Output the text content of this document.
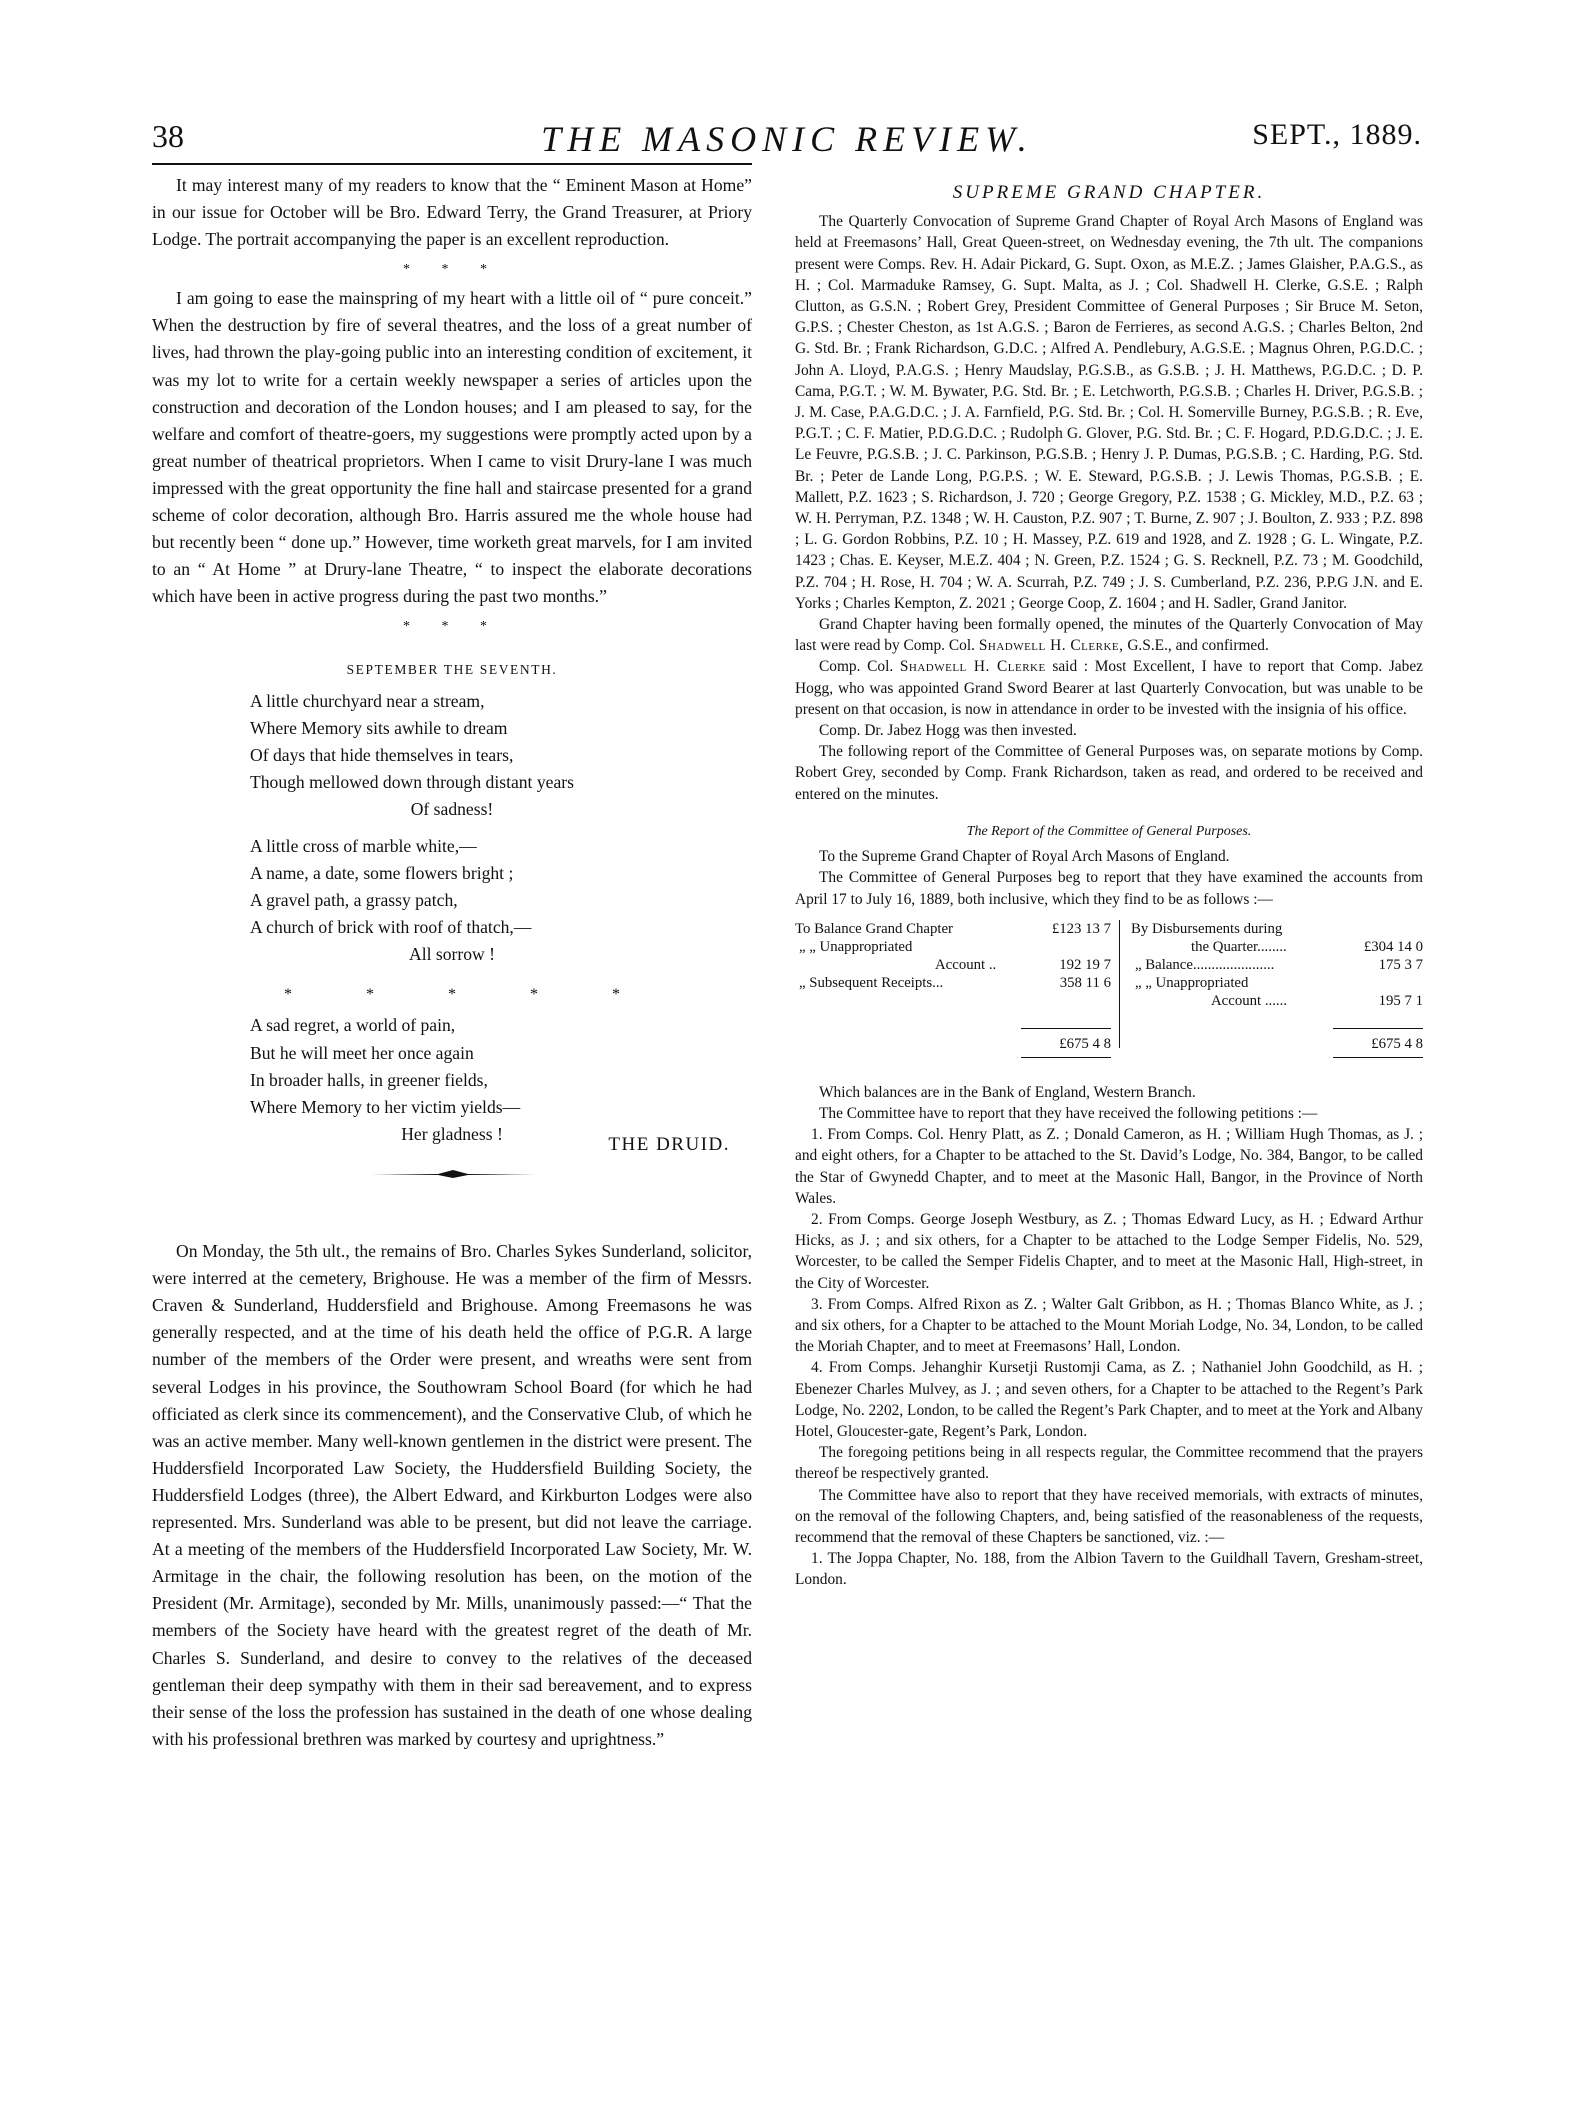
38	THE MASONIC REVIEW.	SEPT., 1889.

It may interest many of my readers to know that the “ Eminent Mason at Home” in our issue for October will be Bro. Edward Terry, the Grand Treasurer, at Priory Lodge. The portrait accompanying the paper is an excellent reproduction.

* * *

I am going to ease the mainspring of my heart with a little oil of “ pure conceit.” When the destruction by fire of several theatres, and the loss of a great number of lives, had thrown the play-going public into an interesting condition of excitement, it was my lot to write for a certain weekly newspaper a series of articles upon the construction and decoration of the London houses; and I am pleased to say, for the welfare and comfort of theatre-goers, my suggestions were promptly acted upon by a great number of theatrical proprietors. When I came to visit Drury-lane I was much impressed with the great opportunity the fine hall and staircase presented for a grand scheme of color decoration, although Bro. Harris assured me the whole house had but recently been “ done up.” However, time worketh great marvels, for I am invited to an “ At Home ” at Drury-lane Theatre, “ to inspect the elaborate decorations which have been in active progress during the past two months.”

* * *
SEPTEMBER THE SEVENTH.
A little churchyard near a stream,
Where Memory sits awhile to dream
Of days that hide themselves in tears,
Though mellowed down through distant years
Of sadness!
A little cross of marble white,—
A name, a date, some flowers bright ;
A gravel path, a grassy patch,
A church of brick with roof of thatch,—
All sorrow !
* * * * *
A sad regret, a world of pain,
But he will meet her once again
In broader halls, in greener fields,
Where Memory to her victim yields—
Her gladness !
THE DRUID.

On Monday, the 5th ult., the remains of Bro. Charles Sykes Sunderland, solicitor, were interred at the cemetery, Brighouse. He was a member of the firm of Messrs. Craven & Sunderland, Huddersfield and Brighouse. Among Freemasons he was generally respected, and at the time of his death held the office of P.G.R. A large number of the members of the Order were present, and wreaths were sent from several Lodges in his province, the Southowram School Board (for which he had officiated as clerk since its commencement), and the Conservative Club, of which he was an active member. Many well-known gentlemen in the district were present. The Huddersfield Incorporated Law Society, the Huddersfield Building Society, the Huddersfield Lodges (three), the Albert Edward, and Kirkburton Lodges were also represented. Mrs. Sunderland was able to be present, but did not leave the carriage. At a meeting of the members of the Huddersfield Incorporated Law Society, Mr. W. Armitage in the chair, the following resolution has been, on the motion of the President (Mr. Armitage), seconded by Mr. Mills, unanimously passed:—“ That the members of the Society have heard with the greatest regret of the death of Mr. Charles S. Sunderland, and desire to convey to the relatives of the deceased gentleman their deep sympathy with them in their sad bereavement, and to express their sense of the loss the profession has sustained in the death of one whose dealing with his professional brethren was marked by courtesy and uprightness.”

SUPREME GRAND CHAPTER.

The Quarterly Convocation of Supreme Grand Chapter of Royal Arch Masons of England was held at Freemasons’ Hall, Great Queen-street, on Wednesday evening, the 7th ult. The companions present were Comps. Rev. H. Adair Pickard, G. Supt. Oxon, as M.E.Z. ; James Glaisher, P.A.G.S., as H. ; Col. Marmaduke Ramsey, G. Supt. Malta, as J. ; Col. Shadwell H. Clerke, G.S.E. ; Ralph Clutton, as G.S.N. ; Robert Grey, President Committee of General Purposes ; Sir Bruce M. Seton, G.P.S. ; Chester Cheston, as 1st A.G.S. ; Baron de Ferrieres, as second A.G.S. ; Charles Belton, 2nd G. Std. Br. ; Frank Richardson, G.D.C. ; Alfred A. Pendlebury, A.G.S.E. ; Magnus Ohren, P.G.D.C. ; John A. Lloyd, P.A.G.S. ; Henry Maudslay, P.G.S.B., as G.S.B. ; J. H. Matthews, P.G.D.C. ; D. P. Cama, P.G.T. ; W. M. Bywater, P.G. Std. Br. ; E. Letchworth, P.G.S.B. ; Charles H. Driver, P.G.S.B. ; J. M. Case, P.A.G.D.C. ; J. A. Farnfield, P.G. Std. Br. ; Col. H. Somerville Burney, P.G.S.B. ; R. Eve, P.G.T. ; C. F. Matier, P.D.G.D.C. ; Rudolph G. Glover, P.G. Std. Br. ; C. F. Hogard, P.D.G.D.C. ; J. E. Le Feuvre, P.G.S.B. ; J. C. Parkinson, P.G.S.B. ; Henry J. P. Dumas, P.G.S.B. ; C. Harding, P.G. Std. Br. ; Peter de Lande Long, P.G.P.S. ; W. E. Steward, P.G.S.B. ; J. Lewis Thomas, P.G.S.B. ; E. Mallett, P.Z. 1623 ; S. Richardson, J. 720 ; George Gregory, P.Z. 1538 ; G. Mickley, M.D., P.Z. 63 ; W. H. Perryman, P.Z. 1348 ; W. H. Causton, P.Z. 907 ; T. Burne, Z. 907 ; J. Boulton, Z. 933 ; P.Z. 898 ; L. G. Gordon Robbins, P.Z. 10 ; H. Massey, P.Z. 619 and 1928, and Z. 1928 ; G. L. Wingate, P.Z. 1423 ; Chas. E. Keyser, M.E.Z. 404 ; N. Green, P.Z. 1524 ; G. S. Recknell, P.Z. 73 ; M. Goodchild, P.Z. 704 ; H. Rose, H. 704 ; W. A. Scurrah, P.Z. 749 ; J. S. Cumberland, P.Z. 236, P.P.G J.N. and E. Yorks ; Charles Kempton, Z. 2021 ; George Coop, Z. 1604 ; and H. Sadler, Grand Janitor.

Grand Chapter having been formally opened, the minutes of the Quarterly Convocation of May last were read by Comp. Col. Shadwell H. Clerke, G.S.E., and confirmed.

Comp. Col. Shadwell H. Clerke said : Most Excellent, I have to report that Comp. Jabez Hogg, who was appointed Grand Sword Bearer at last Quarterly Convocation, but was unable to be present on that occasion, is now in attendance in order to be invested with the insignia of his office.

Comp. Dr. Jabez Hogg was then invested.

The following report of the Committee of General Purposes was, on separate motions by Comp. Robert Grey, seconded by Comp. Frank Richardson, taken as read, and ordered to be received and entered on the minutes.

The Report of the Committee of General Purposes.

To the Supreme Grand Chapter of Royal Arch Masons of England.

The Committee of General Purposes beg to report that they have examined the accounts from April 17 to July 16, 1889, both inclusive, which they find to be as follows :—

To Balance Grand Chapter	£123 13 7
„ „ Unappropriated
Account ..	192 19 7
„ Subsequent Receipts...	358 11 6
£675 4 8
By Disbursements during
the Quarter........	£304 14 0
„ Balance......................	175 3 7
„ „ Unappropriated
Account ......	195 7 1
£675 4 8

Which balances are in the Bank of England, Western Branch.

The Committee have to report that they have received the following petitions :—

1. From Comps. Col. Henry Platt, as Z. ; Donald Cameron, as H. ; William Hugh Thomas, as J. ; and eight others, for a Chapter to be attached to the St. David’s Lodge, No. 384, Bangor, to be called the Star of Gwynedd Chapter, and to meet at the Masonic Hall, Bangor, in the Province of North Wales.

2. From Comps. George Joseph Westbury, as Z. ; Thomas Edward Lucy, as H. ; Edward Arthur Hicks, as J. ; and six others, for a Chapter to be attached to the Lodge Semper Fidelis, No. 529, Worcester, to be called the Semper Fidelis Chapter, and to meet at the Masonic Hall, High-street, in the City of Worcester.

3. From Comps. Alfred Rixon as Z. ; Walter Galt Gribbon, as H. ; Thomas Blanco White, as J. ; and six others, for a Chapter to be attached to the Mount Moriah Lodge, No. 34, London, to be called the Moriah Chapter, and to meet at Freemasons’ Hall, London.

4. From Comps. Jehanghir Kursetji Rustomji Cama, as Z. ; Nathaniel John Goodchild, as H. ; Ebenezer Charles Mulvey, as J. ; and seven others, for a Chapter to be attached to the Regent’s Park Lodge, No. 2202, London, to be called the Regent’s Park Chapter, and to meet at the York and Albany Hotel, Gloucester-gate, Regent’s Park, London.

The foregoing petitions being in all respects regular, the Committee recommend that the prayers thereof be respectively granted.

The Committee have also to report that they have received memorials, with extracts of minutes, on the removal of the following Chapters, and, being satisfied of the reasonableness of the requests, recommend that the removal of these Chapters be sanctioned, viz. :—

1. The Joppa Chapter, No. 188, from the Albion Tavern to the Guildhall Tavern, Gresham-street, London.
